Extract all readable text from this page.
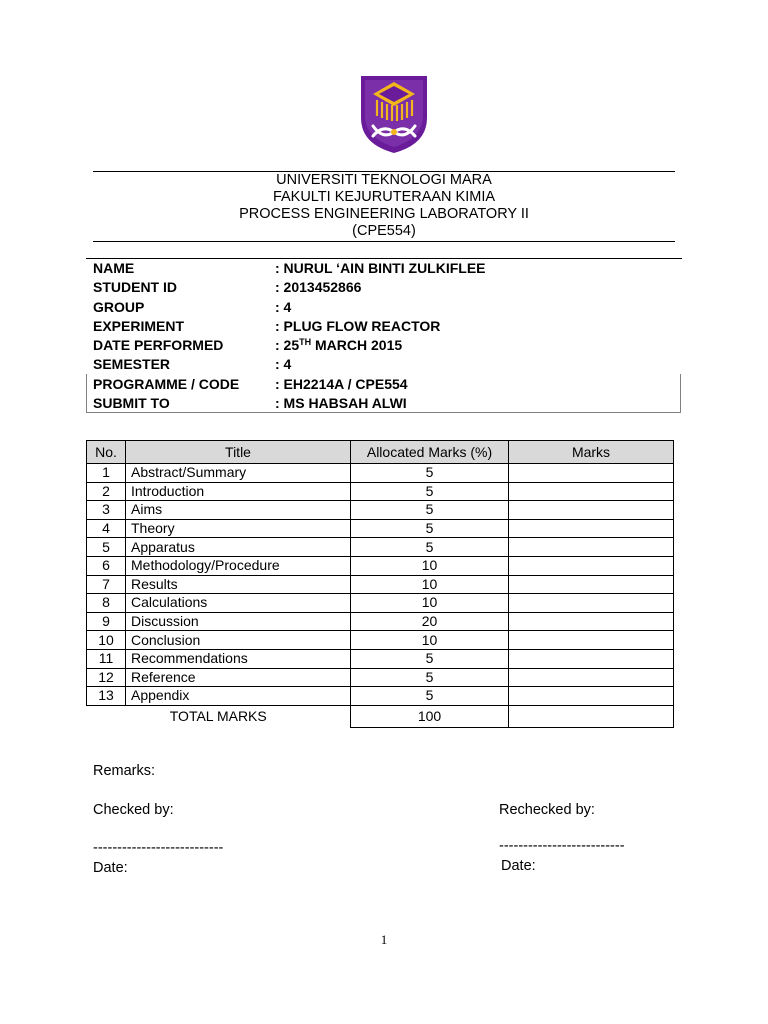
UNIVERSITI TEKNOLOGI MARA
FAKULTI KEJURUTERAAN KIMIA
PROCESS ENGINEERING LABORATORY II
(CPE554)
NAME	: NURUL ‘AIN BINTI ZULKIFLEE
STUDENT ID	: 2013452866
GROUP	: 4
EXPERIMENT	: PLUG FLOW REACTOR
DATE PERFORMED	: 25TH MARCH 2015
SEMESTER	: 4
PROGRAMME / CODE	: EH2214A / CPE554
SUBMIT TO	: MS HABSAH ALWI
No.	Title	Allocated Marks (%)	Marks
1	Abstract/Summary	5	
2	Introduction	5	
3	Aims	5	
4	Theory	5	
5	Apparatus	5	
6	Methodology/Procedure	10	
7	Results	10	
8	Calculations	10	
9	Discussion	20	
10	Conclusion	10	
11	Recommendations	5	
12	Reference	5	
13	Appendix	5	
TOTAL MARKS		100	
Remarks:
Checked by:	Rechecked by:
---------------------------	--------------------------
Date:	Date:
1
